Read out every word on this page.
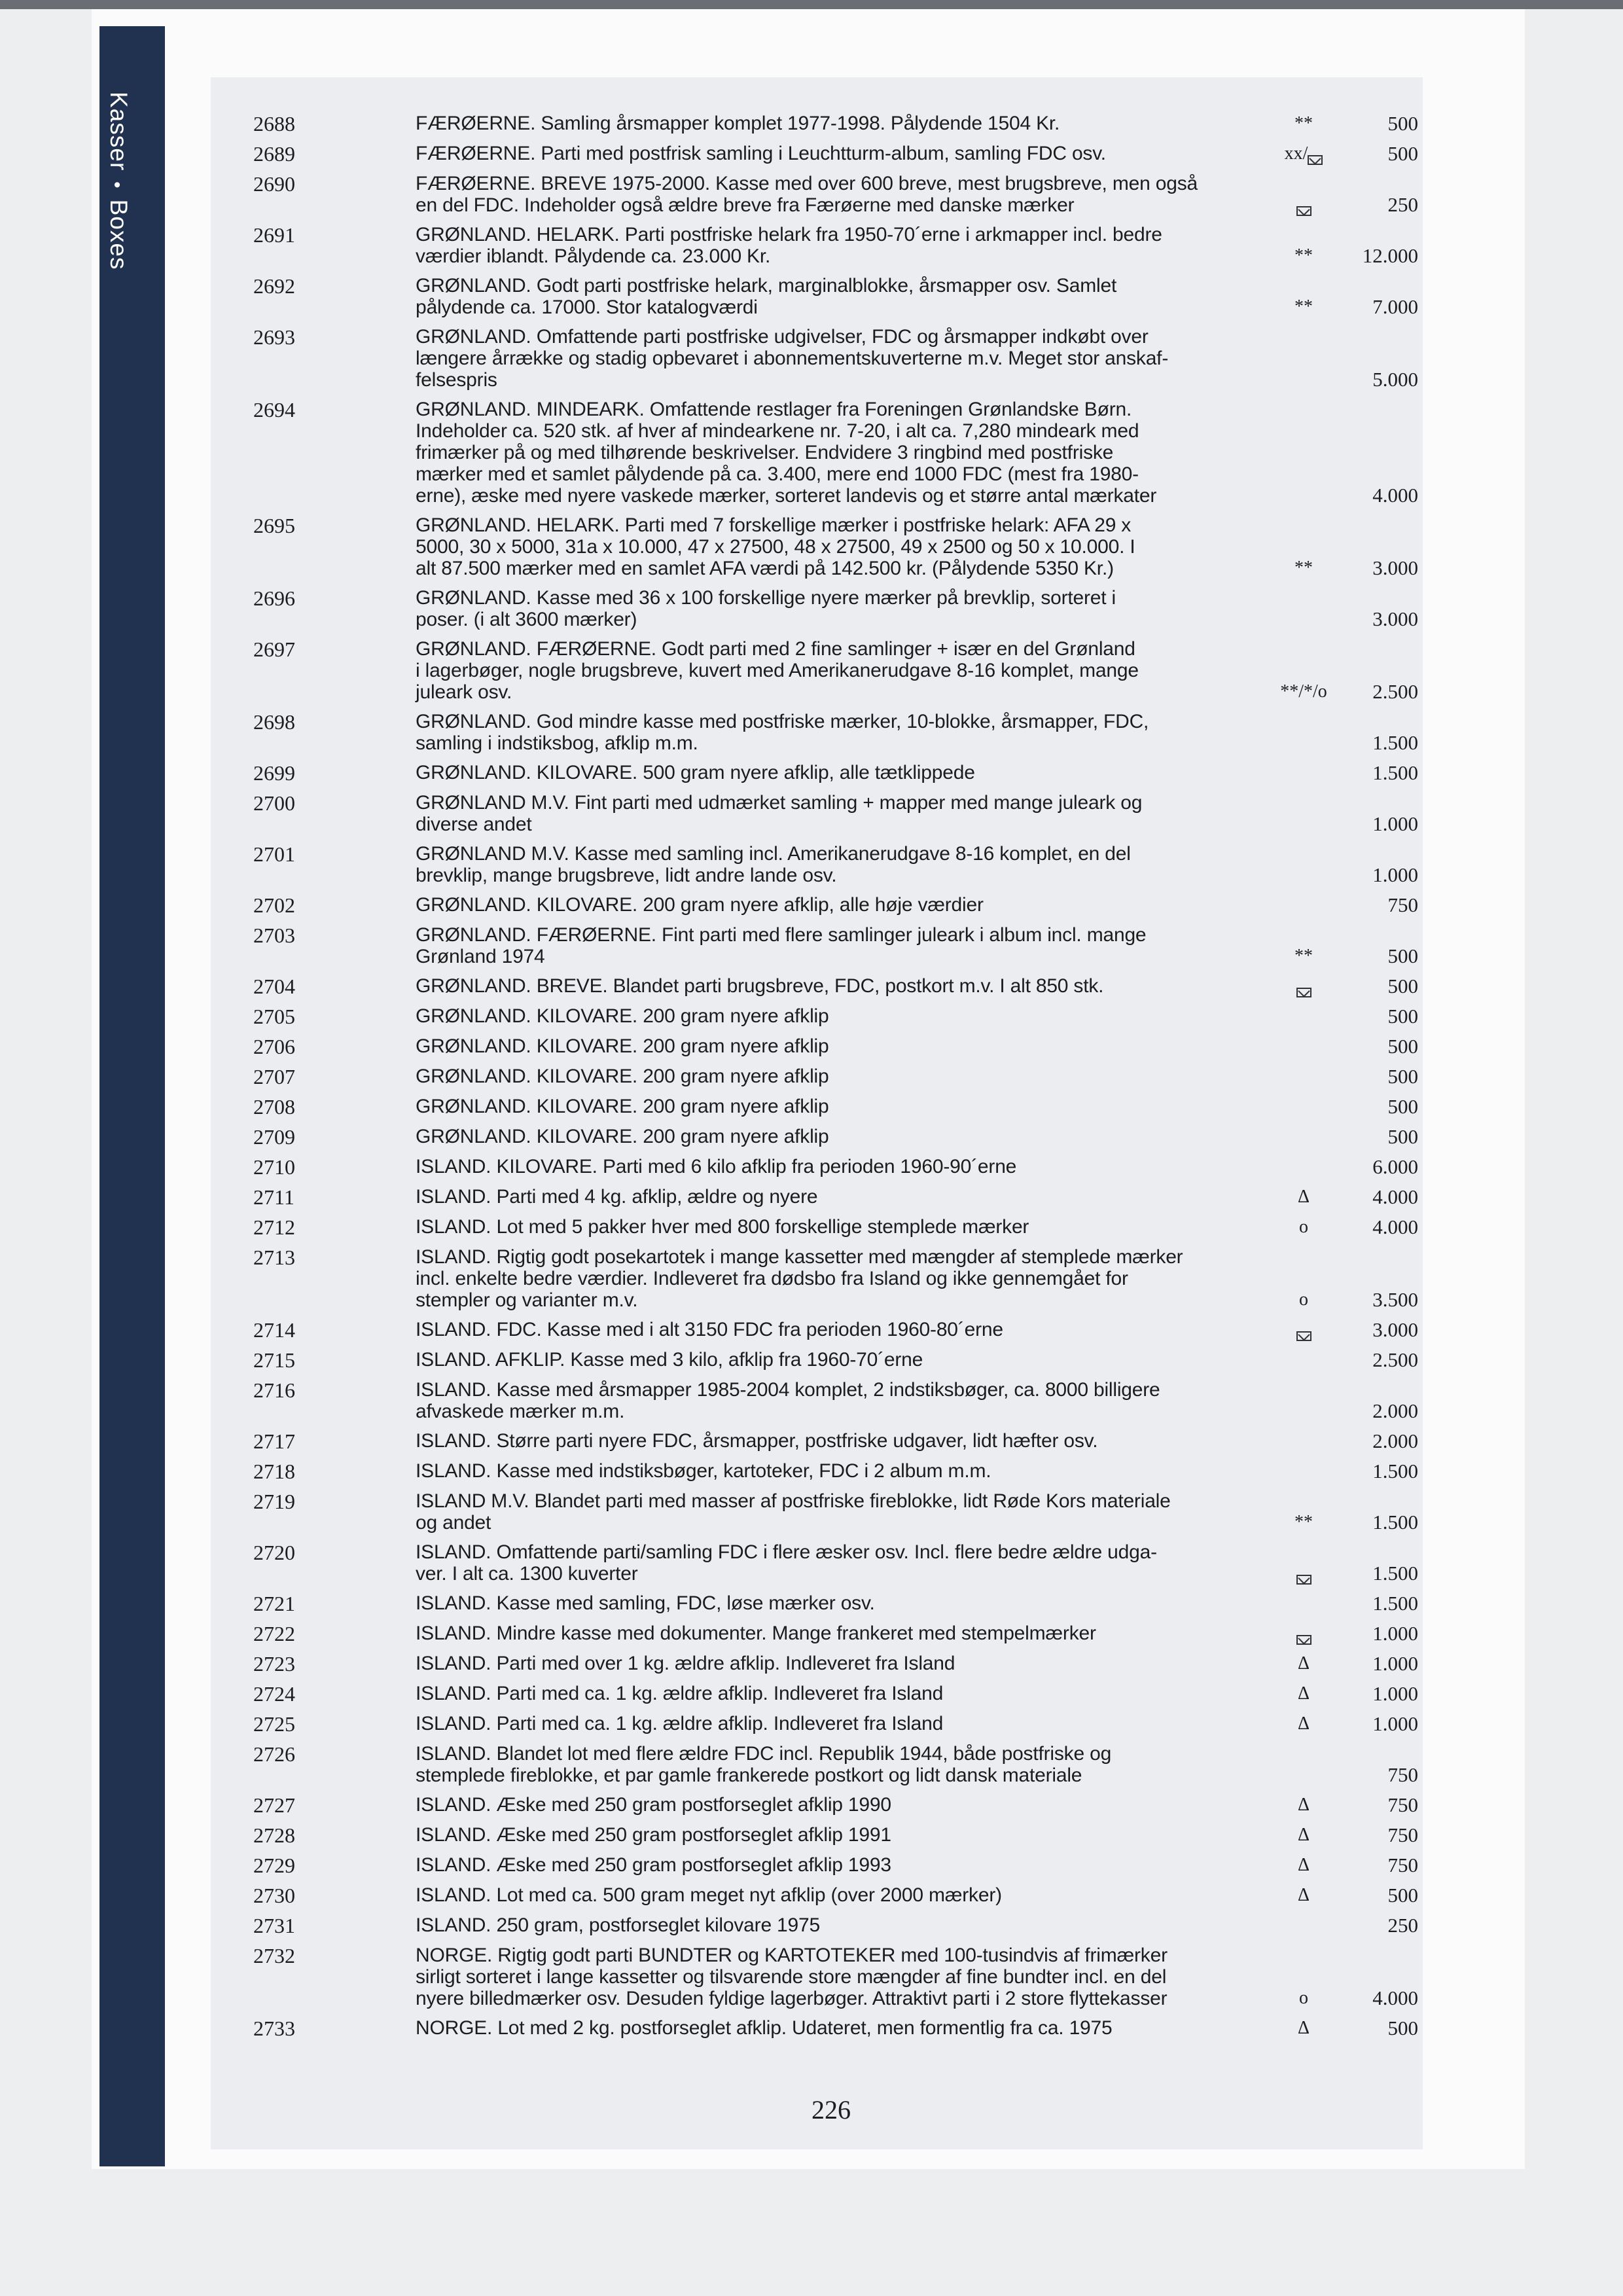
Kasser•Boxes
2688	FÆRØERNE. Samling årsmapper komplet 1977-1998. Pålydende 1504 Kr.	**	500
2689	FÆRØERNE. Parti med postfrisk samling i Leuchtturm-album, samling FDC osv.	xx/	500
2690	FÆRØERNE. BREVE 1975-2000. Kasse med over 600 breve, mest brugsbreve, men også
en del FDC. Indeholder også ældre breve fra Færøerne med danske mærker	250
2691	GRØNLAND. HELARK. Parti postfriske helark fra 1950-70´erne i arkmapper incl. bedre
værdier iblandt. Pålydende ca. 23.000 Kr.	**	12.000
2692	GRØNLAND. Godt parti postfriske helark, marginalblokke, årsmapper osv. Samlet
pålydende ca. 17000. Stor katalogværdi	**	7.000
2693	GRØNLAND. Omfattende parti postfriske udgivelser, FDC og årsmapper indkøbt over
længere årrække og stadig opbevaret i abonnementskuverterne m.v. Meget stor anskaf-
felsespris	5.000
2694	GRØNLAND. MINDEARK. Omfattende restlager fra Foreningen Grønlandske Børn.
Indeholder ca. 520 stk. af hver af mindearkene nr. 7-20, i alt ca. 7,280 mindeark med
frimærker på og med tilhørende beskrivelser. Endvidere 3 ringbind med postfriske
mærker med et samlet pålydende på ca. 3.400, mere end 1000 FDC (mest fra 1980-
erne), æske med nyere vaskede mærker, sorteret landevis og et større antal mærkater	4.000
2695	GRØNLAND. HELARK. Parti med 7 forskellige mærker i postfriske helark: AFA 29 x
5000, 30 x 5000, 31a x 10.000, 47 x 27500, 48 x 27500, 49 x 2500 og 50 x 10.000. I
alt 87.500 mærker med en samlet AFA værdi på 142.500 kr. (Pålydende 5350 Kr.)	**	3.000
2696	GRØNLAND. Kasse med 36 x 100 forskellige nyere mærker på brevklip, sorteret i
poser. (i alt 3600 mærker)	3.000
2697	GRØNLAND. FÆRØERNE. Godt parti med 2 fine samlinger + især en del Grønland
i lagerbøger, nogle brugsbreve, kuvert med Amerikanerudgave 8-16 komplet, mange
juleark osv.	**/*/o	2.500
2698	GRØNLAND. God mindre kasse med postfriske mærker, 10-blokke, årsmapper, FDC,
samling i indstiksbog, afklip m.m.	1.500
2699	GRØNLAND. KILOVARE. 500 gram nyere afklip, alle tætklippede	1.500
2700	GRØNLAND M.V. Fint parti med udmærket samling + mapper med mange juleark og
diverse andet	1.000
2701	GRØNLAND M.V. Kasse med samling incl. Amerikanerudgave 8-16 komplet, en del
brevklip, mange brugsbreve, lidt andre lande osv.	1.000
2702	GRØNLAND. KILOVARE. 200 gram nyere afklip, alle høje værdier	750
2703	GRØNLAND. FÆRØERNE. Fint parti med flere samlinger juleark i album incl. mange
Grønland 1974	**	500
2704	GRØNLAND. BREVE. Blandet parti brugsbreve, FDC, postkort m.v. I alt 850 stk.	500
2705	GRØNLAND. KILOVARE. 200 gram nyere afklip	500
2706	GRØNLAND. KILOVARE. 200 gram nyere afklip	500
2707	GRØNLAND. KILOVARE. 200 gram nyere afklip	500
2708	GRØNLAND. KILOVARE. 200 gram nyere afklip	500
2709	GRØNLAND. KILOVARE. 200 gram nyere afklip	500
2710	ISLAND. KILOVARE. Parti med 6 kilo afklip fra perioden 1960-90´erne	6.000
2711	ISLAND. Parti med 4 kg. afklip, ældre og nyere	Δ	4.000
2712	ISLAND. Lot med 5 pakker hver med 800 forskellige stemplede mærker	o	4.000
2713	ISLAND. Rigtig godt posekartotek i mange kassetter med mængder af stemplede mærker
incl. enkelte bedre værdier. Indleveret fra dødsbo fra Island og ikke gennemgået for
stempler og varianter m.v.	o	3.500
2714	ISLAND. FDC. Kasse med i alt 3150 FDC fra perioden 1960-80´erne	3.000
2715	ISLAND. AFKLIP. Kasse med 3 kilo, afklip fra 1960-70´erne	2.500
2716	ISLAND. Kasse med årsmapper 1985-2004 komplet, 2 indstiksbøger, ca. 8000 billigere
afvaskede mærker m.m.	2.000
2717	ISLAND. Større parti nyere FDC, årsmapper, postfriske udgaver, lidt hæfter osv.	2.000
2718	ISLAND. Kasse med indstiksbøger, kartoteker, FDC i 2 album m.m.	1.500
2719	ISLAND M.V. Blandet parti med masser af postfriske fireblokke, lidt Røde Kors materiale
og andet	**	1.500
2720	ISLAND. Omfattende parti/samling FDC i flere æsker osv. Incl. flere bedre ældre udga-
ver. I alt ca. 1300 kuverter	1.500
2721	ISLAND. Kasse med samling, FDC, løse mærker osv.	1.500
2722	ISLAND. Mindre kasse med dokumenter. Mange frankeret med stempelmærker	1.000
2723	ISLAND. Parti med over 1 kg. ældre afklip. Indleveret fra Island	Δ	1.000
2724	ISLAND. Parti med ca. 1 kg. ældre afklip. Indleveret fra Island	Δ	1.000
2725	ISLAND. Parti med ca. 1 kg. ældre afklip. Indleveret fra Island	Δ	1.000
2726	ISLAND. Blandet lot med flere ældre FDC incl. Republik 1944, både postfriske og
stemplede fireblokke, et par gamle frankerede postkort og lidt dansk materiale	750
2727	ISLAND. Æske med 250 gram postforseglet afklip 1990	Δ	750
2728	ISLAND. Æske med 250 gram postforseglet afklip 1991	Δ	750
2729	ISLAND. Æske med 250 gram postforseglet afklip 1993	Δ	750
2730	ISLAND. Lot med ca. 500 gram meget nyt afklip (over 2000 mærker)	Δ	500
2731	ISLAND. 250 gram, postforseglet kilovare 1975	250
2732	NORGE. Rigtig godt parti BUNDTER og KARTOTEKER med 100-tusindvis af frimærker
sirligt sorteret i lange kassetter og tilsvarende store mængder af fine bundter incl. en del
nyere billedmærker osv. Desuden fyldige lagerbøger. Attraktivt parti i 2 store flyttekasser	o	4.000
2733	NORGE. Lot med 2 kg. postforseglet afklip. Udateret, men formentlig fra ca. 1975	Δ	500
226
